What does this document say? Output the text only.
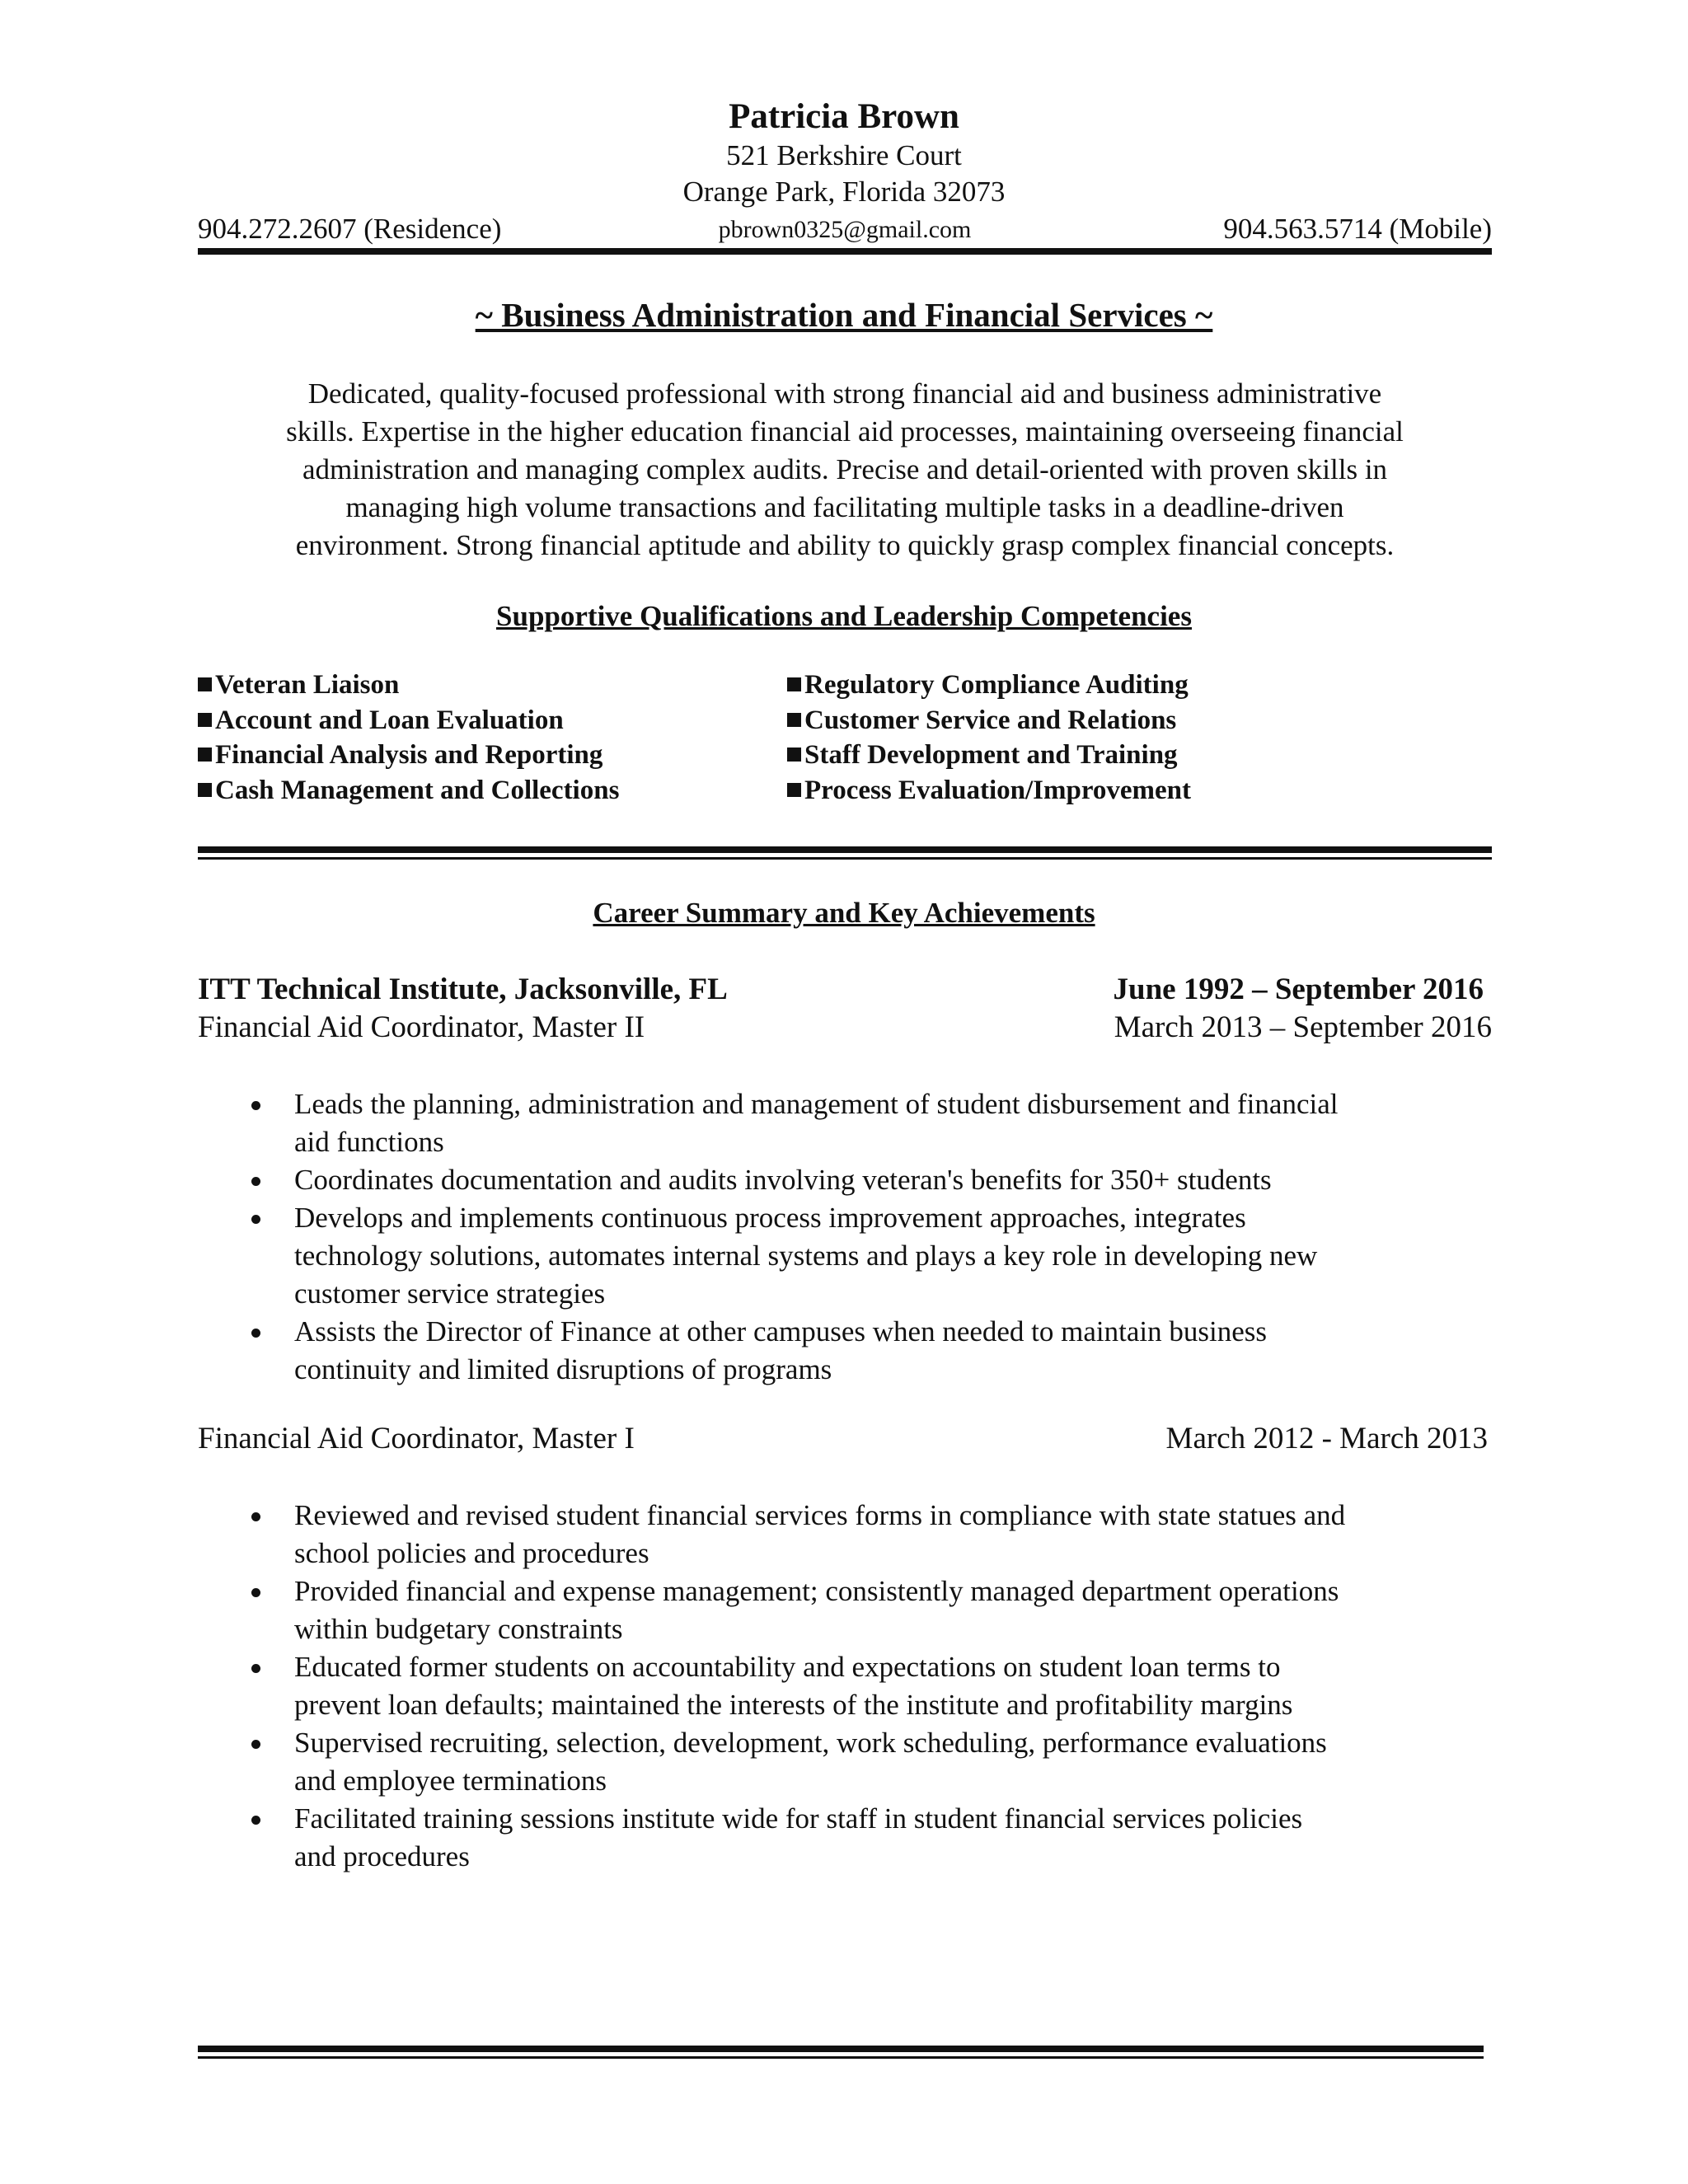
Patricia Brown
521 Berkshire Court
Orange Park, Florida 32073
904.272.2607 (Residence)	pbrown0325@gmail.com	904.563.5714 (Mobile)
~ Business Administration and Financial Services ~
Dedicated, quality-focused professional with strong financial aid and business administrative
skills. Expertise in the higher education financial aid processes, maintaining overseeing financial
administration and managing complex audits. Precise and detail-oriented with proven skills in
managing high volume transactions and facilitating multiple tasks in a deadline-driven
environment. Strong financial aptitude and ability to quickly grasp complex financial concepts.
Supportive Qualifications and Leadership Competencies
Veteran Liaison
Account and Loan Evaluation
Financial Analysis and Reporting
Cash Management and Collections
Regulatory Compliance Auditing
Customer Service and Relations
Staff Development and Training
Process Evaluation/Improvement
Career Summary and Key Achievements
ITT Technical Institute, Jacksonville, FL	June 1992 – September 2016
Financial Aid Coordinator, Master II	March 2013 – September 2016
Leads the planning, administration and management of student disbursement and financial
aid functions
Coordinates documentation and audits involving veteran's benefits for 350+ students
Develops and implements continuous process improvement approaches, integrates
technology solutions, automates internal systems and plays a key role in developing new
customer service strategies
Assists the Director of Finance at other campuses when needed to maintain business
continuity and limited disruptions of programs
Financial Aid Coordinator, Master I	March 2012 - March 2013
Reviewed and revised student financial services forms in compliance with state statues and
school policies and procedures
Provided financial and expense management; consistently managed department operations
within budgetary constraints
Educated former students on accountability and expectations on student loan terms to
prevent loan defaults; maintained the interests of the institute and profitability margins
Supervised recruiting, selection, development, work scheduling, performance evaluations
and employee terminations
Facilitated training sessions institute wide for staff in student financial services policies
and procedures
